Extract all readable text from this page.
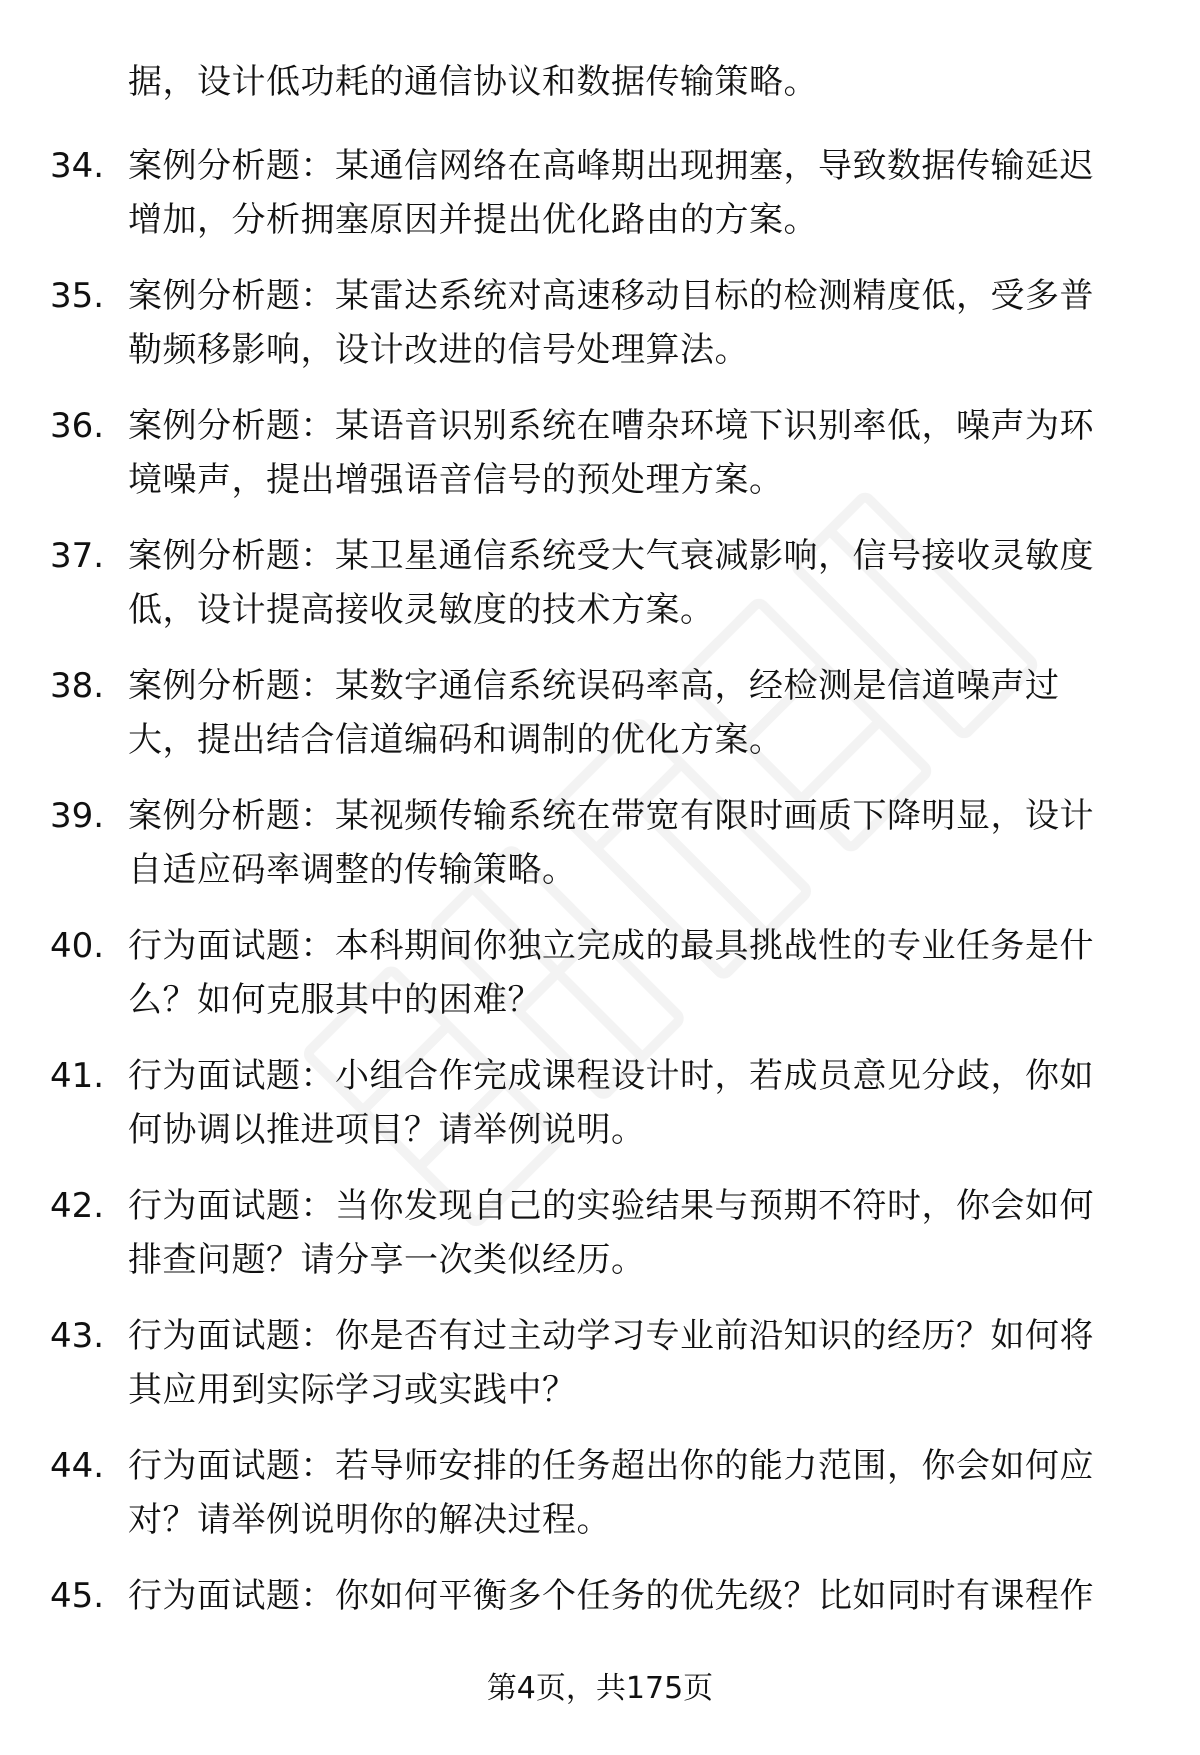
据，设计低功耗的通信协议和数据传输策略。
34. 案例分析题：某通信网络在高峰期出现拥塞，导致数据传输延迟
增加，分析拥塞原因并提出优化路由的方案。
35. 案例分析题：某雷达系统对高速移动目标的检测精度低，受多普
勒频移影响，设计改进的信号处理算法。
36. 案例分析题：某语音识别系统在嘈杂环境下识别率低，噪声为环
境噪声，提出增强语音信号的预处理方案。
37. 案例分析题：某卫星通信系统受大气衰减影响，信号接收灵敏度
低，设计提高接收灵敏度的技术方案。
38. 案例分析题：某数字通信系统误码率高，经检测是信道噪声过
大，提出结合信道编码和调制的优化方案。
39. 案例分析题：某视频传输系统在带宽有限时画质下降明显，设计
自适应码率调整的传输策略。
40. 行为面试题：本科期间你独立完成的最具挑战性的专业任务是什
么？如何克服其中的困难？
41. 行为面试题：小组合作完成课程设计时，若成员意见分歧，你如
何协调以推进项目？请举例说明。
42. 行为面试题：当你发现自己的实验结果与预期不符时，你会如何
排查问题？请分享一次类似经历。
43. 行为面试题：你是否有过主动学习专业前沿知识的经历？如何将
其应用到实际学习或实践中？
44. 行为面试题：若导师安排的任务超出你的能力范围，你会如何应
对？请举例说明你的解决过程。
45. 行为面试题：你如何平衡多个任务的优先级？比如同时有课程作
第4页，共175页
